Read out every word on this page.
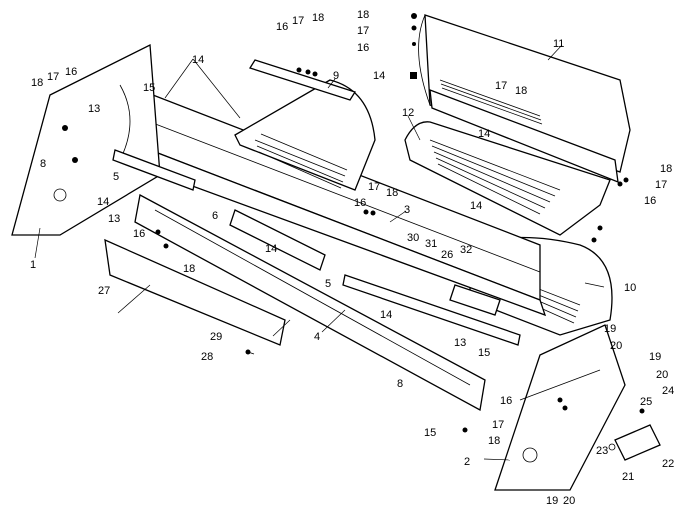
1
2
3
4
5
5
6
8
8
9
10
11
12
13
13
13
14
14
14
14
14
14
14
15
15
15
16
16
16
16
16
16
16
17
17
17
17
17
17
17
18
18	18
18
18
18
18
18
19
19
19
20
20
20
21
22
23
24
25
26
27
28
29
30 31 32
